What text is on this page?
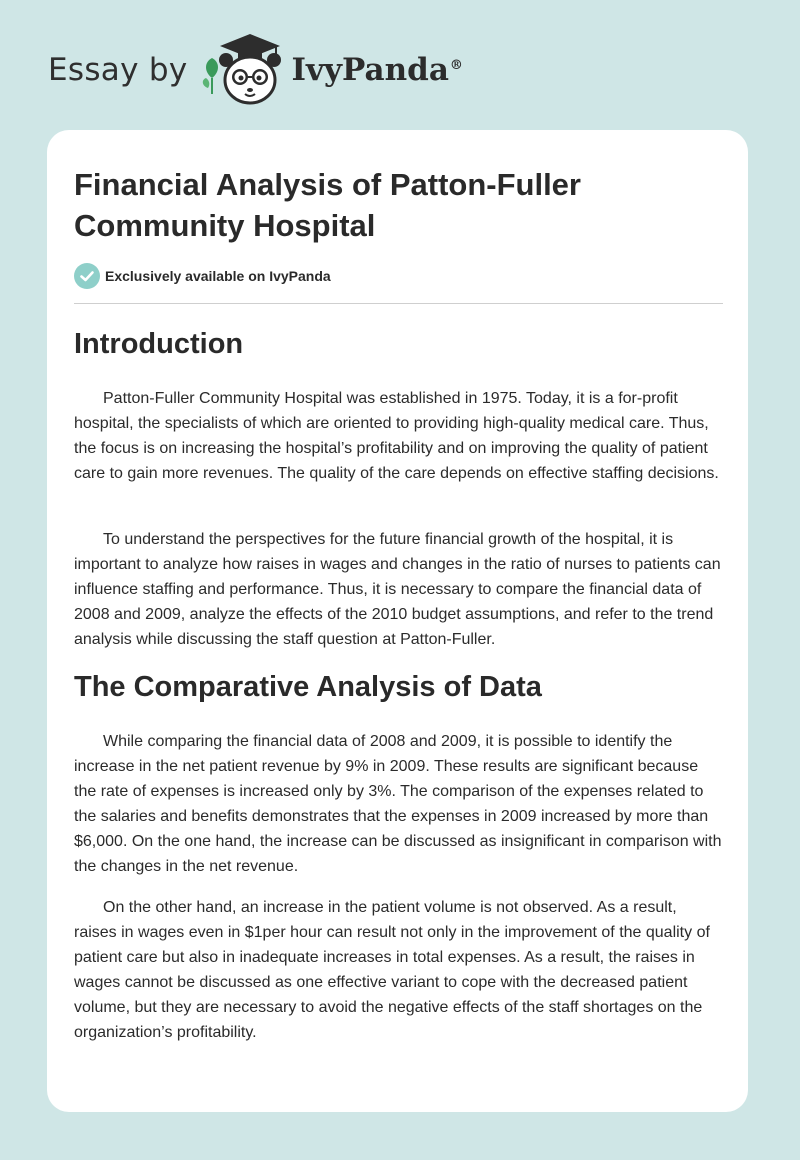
Essay by	IvyPanda®
Financial Analysis of Patton-Fuller Community Hospital
Exclusively available on IvyPanda
Introduction

Patton-Fuller Community Hospital was established in 1975. Today, it is a for-profit hospital, the specialists of which are oriented to providing high-quality medical care. Thus, the focus is on increasing the hospital’s profitability and on improving the quality of patient care to gain more revenues. The quality of the care depends on effective staffing decisions.

To understand the perspectives for the future financial growth of the hospital, it is important to analyze how raises in wages and changes in the ratio of nurses to patients can influence staffing and performance. Thus, it is necessary to compare the financial data of 2008 and 2009, analyze the effects of the 2010 budget assumptions, and refer to the trend analysis while discussing the staff question at Patton-Fuller.

The Comparative Analysis of Data

While comparing the financial data of 2008 and 2009, it is possible to identify the increase in the net patient revenue by 9% in 2009. These results are significant because the rate of expenses is increased only by 3%. The comparison of the expenses related to the salaries and benefits demonstrates that the expenses in 2009 increased by more than $6,000. On the one hand, the increase can be discussed as insignificant in comparison with the changes in the net revenue.

On the other hand, an increase in the patient volume is not observed. As a result, raises in wages even in $1per hour can result not only in the improvement of the quality of patient care but also in inadequate increases in total expenses. As a result, the raises in wages cannot be discussed as one effective variant to cope with the decreased patient volume, but they are necessary to avoid the negative effects of the staff shortages on the organization’s profitability.
